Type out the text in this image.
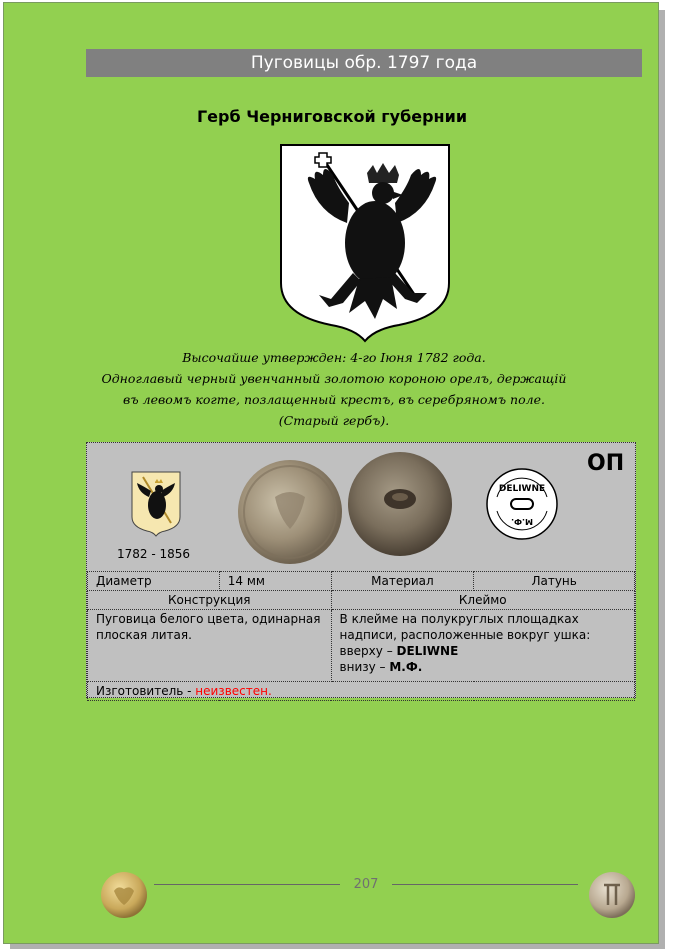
Пуговицы обр. 1797 года
Герб Черниговской губернии
Высочайше утвержден: 4-го Іюня 1782 года.
Одноглавый черный увенчанный золотою короною орелъ, держащій
въ левомъ когте, позлащенный крестъ, въ серебряномъ поле.
(Старый гербъ).
1782 - 1856
DELIWNE
M.Ф.
ОП
Диаметр	14 мм	Материал	Латунь
Конструкция		Клеймо	
Пуговица белого цвета, одинарная плоская литая.		В клейме на полукруглых площадках надписи, расположенные вокруг ушка:
вверху – DELIWNE
внизу – M.Ф.	

Изготовитель - неизвестен.			
207
